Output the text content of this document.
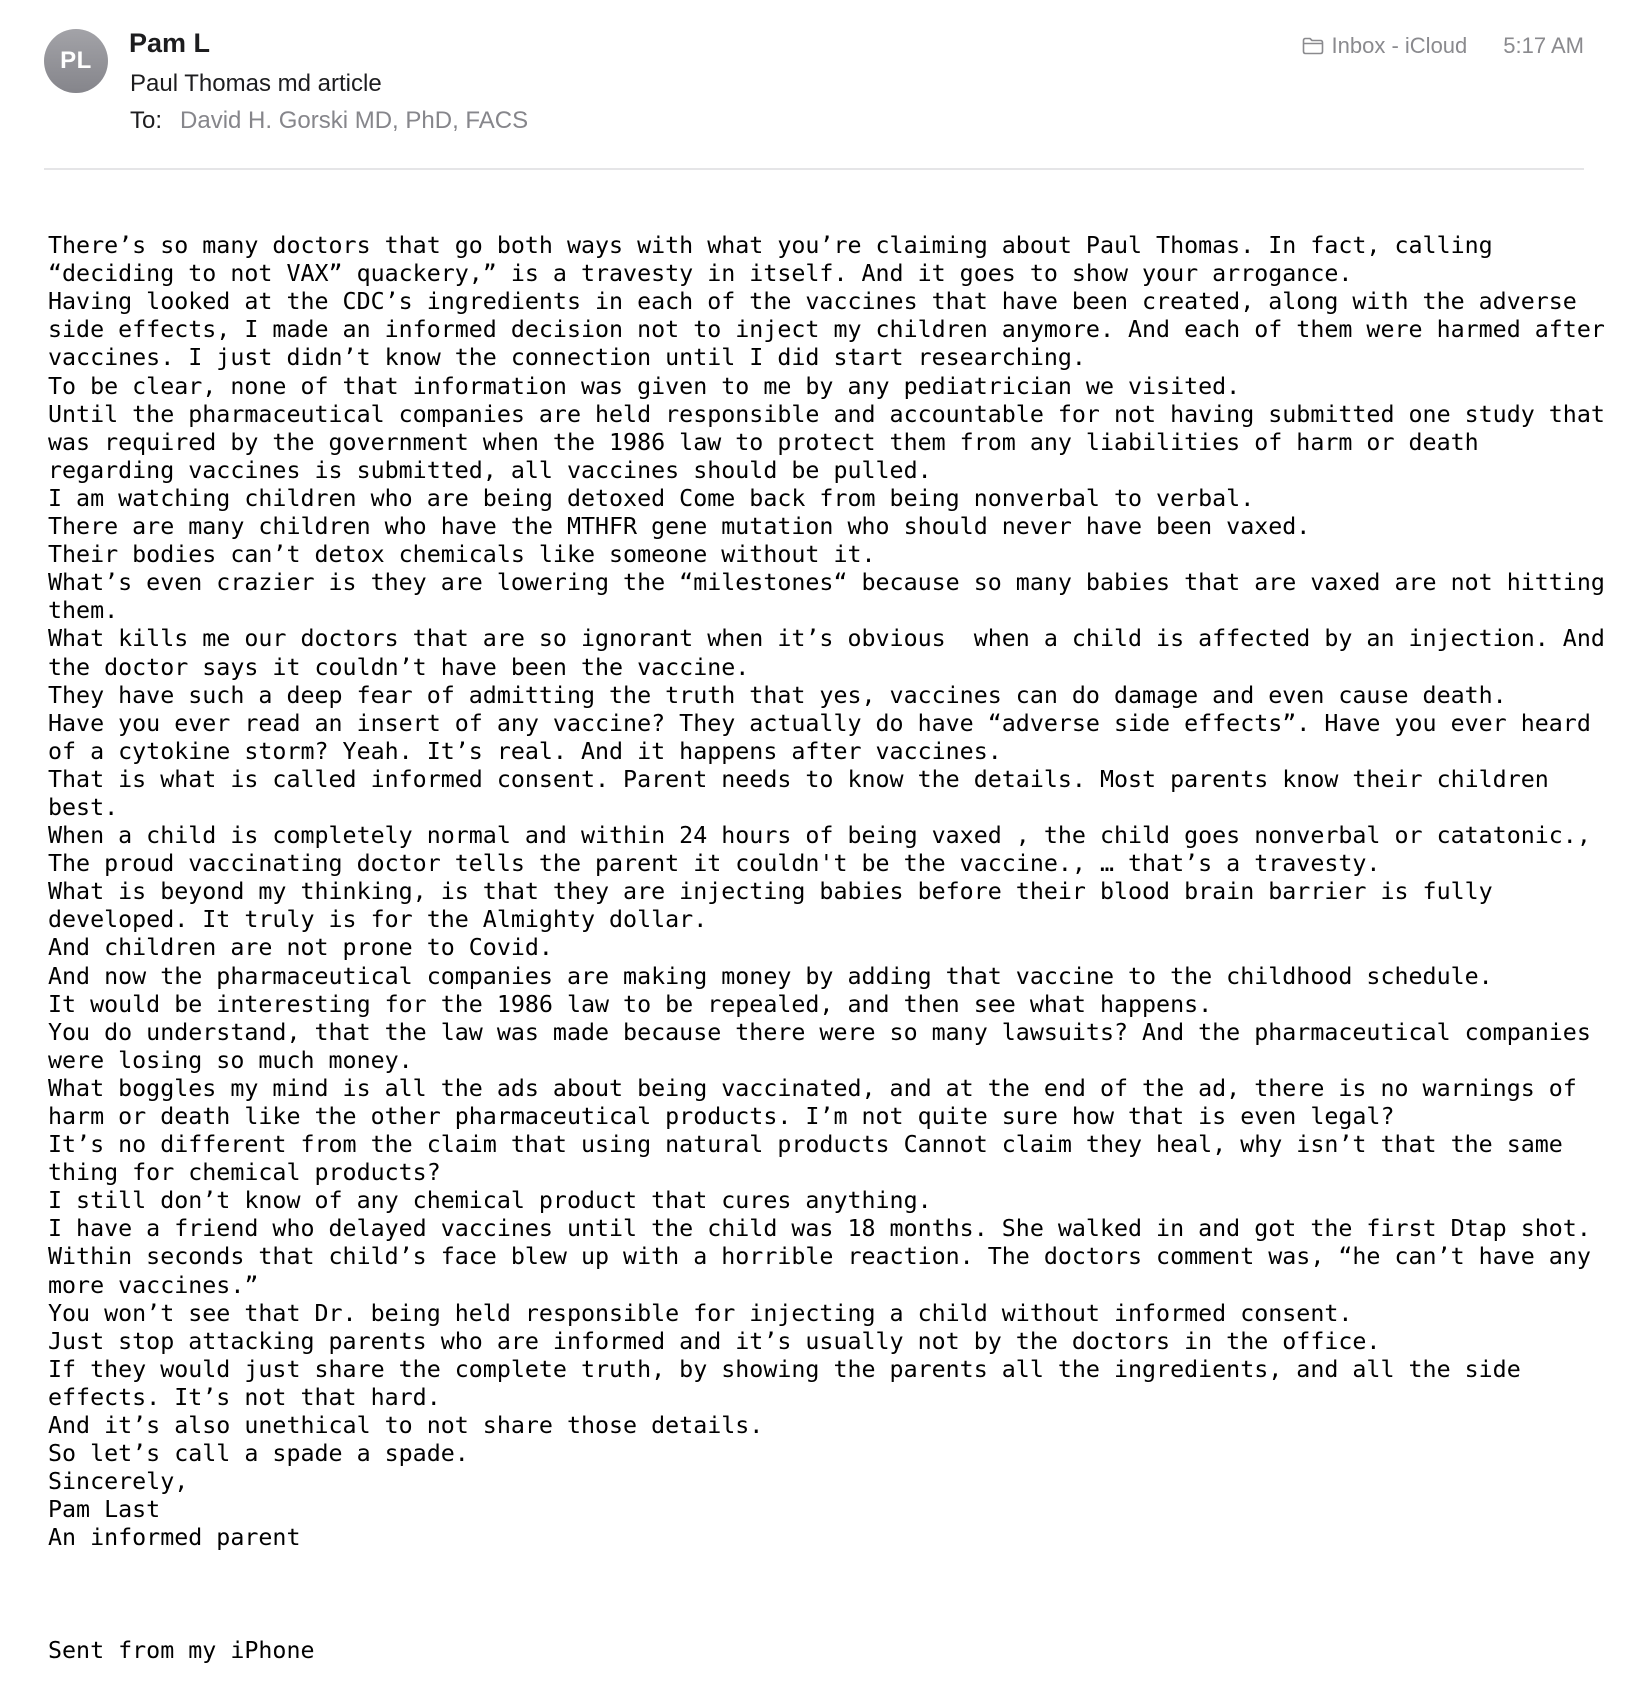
PL
Pam L
Paul Thomas md article
To: David H. Gorski MD, PhD, FACS
Inbox - iCloud 5:17 AM

There’s so many doctors that go both ways with what you’re claiming about Paul Thomas. In fact, calling “deciding to not VAX” quackery,” is a travesty in itself. And it goes to show your arrogance.
Having looked at the CDC’s ingredients in each of the vaccines that have been created, along with the adverse side effects, I made an informed decision not to inject my children anymore. And each of them were harmed after vaccines. I just didn’t know the connection until I did start researching.
To be clear, none of that information was given to me by any pediatrician we visited.
Until the pharmaceutical companies are held responsible and accountable for not having submitted one study that was required by the government when the 1986 law to protect them from any liabilities of harm or death regarding vaccines is submitted, all vaccines should be pulled.
I am watching children who are being detoxed Come back from being nonverbal to verbal.
There are many children who have the MTHFR gene mutation who should never have been vaxed.
Their bodies can’t detox chemicals like someone without it.
What’s even crazier is they are lowering the “milestones“ because so many babies that are vaxed are not hitting them.
What kills me our doctors that are so ignorant when it’s obvious  when a child is affected by an injection. And the doctor says it couldn’t have been the vaccine.
They have such a deep fear of admitting the truth that yes, vaccines can do damage and even cause death.
Have you ever read an insert of any vaccine? They actually do have “adverse side effects”. Have you ever heard of a cytokine storm? Yeah. It’s real. And it happens after vaccines.
That is what is called informed consent. Parent needs to know the details. Most parents know their children best.
When a child is completely normal and within 24 hours of being vaxed , the child goes nonverbal or catatonic., The proud vaccinating doctor tells the parent it couldn't be the vaccine., … that’s a travesty.
What is beyond my thinking, is that they are injecting babies before their blood brain barrier is fully developed. It truly is for the Almighty dollar.
And children are not prone to Covid.
And now the pharmaceutical companies are making money by adding that vaccine to the childhood schedule.
It would be interesting for the 1986 law to be repealed, and then see what happens.
You do understand, that the law was made because there were so many lawsuits? And the pharmaceutical companies were losing so much money.
What boggles my mind is all the ads about being vaccinated, and at the end of the ad, there is no warnings of harm or death like the other pharmaceutical products. I’m not quite sure how that is even legal?
It’s no different from the claim that using natural products Cannot claim they heal, why isn’t that the same thing for chemical products?
I still don’t know of any chemical product that cures anything.
I have a friend who delayed vaccines until the child was 18 months. She walked in and got the first Dtap shot.
Within seconds that child’s face blew up with a horrible reaction. The doctors comment was, “he can’t have any more vaccines.”
You won’t see that Dr. being held responsible for injecting a child without informed consent.
Just stop attacking parents who are informed and it’s usually not by the doctors in the office.
If they would just share the complete truth, by showing the parents all the ingredients, and all the side effects. It’s not that hard.
And it’s also unethical to not share those details.
So let’s call a spade a spade.
Sincerely,
Pam Last
An informed parent
Sent from my iPhone
